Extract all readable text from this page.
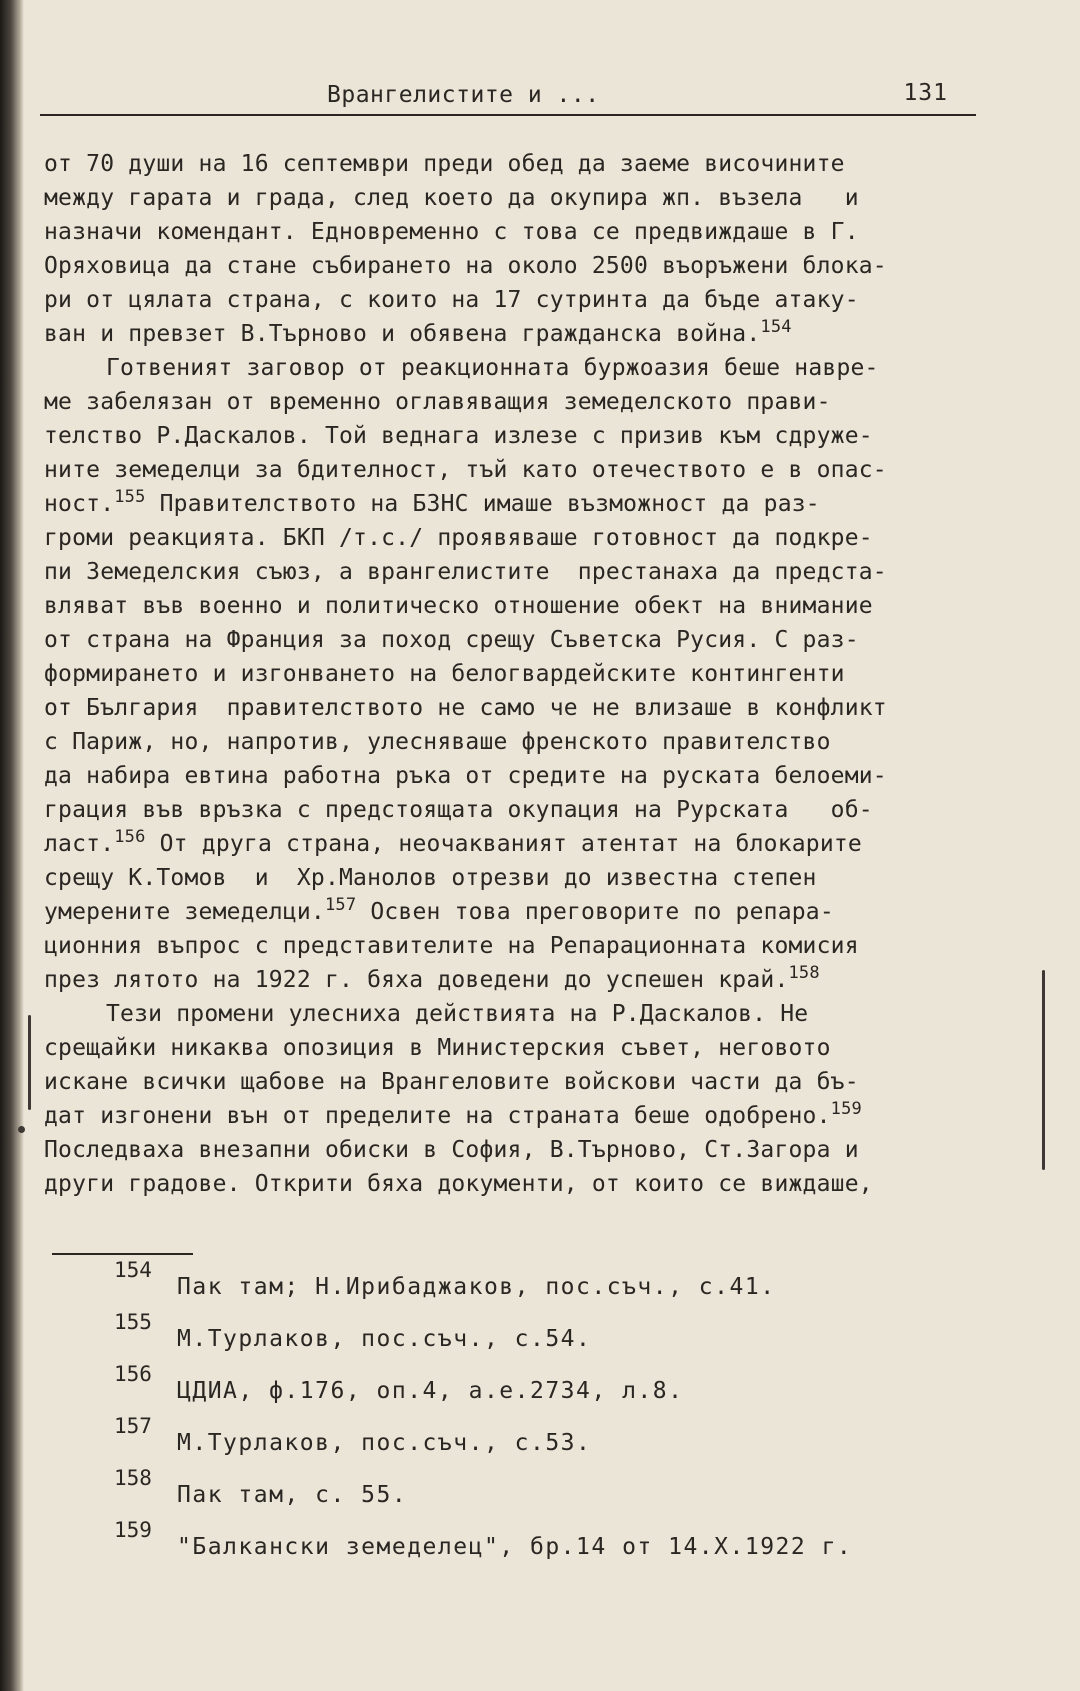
Врангелистите и ...	131
от 70 души на 16 септември преди обед да заеме височините
между гарата и града, след което да окупира жп. възела   и
назначи комендант. Едновременно с това се предвиждаше в Г.
Оряховица да стане събирането на около 2500 въоръжени блока-
ри от цялата страна, с които на 17 сутринта да бъде атаку-
ван и превзет В.Търново и обявена гражданска война.$^{154}$
Готвеният заговор от реакционната буржоазия беше навре-
ме забелязан от временно оглавяващия земеделското прави-
телство Р.Даскалов. Той веднага излезе с призив към сдруже-
ните земеделци за бдителност, тъй като отечеството е в опас-
ност.$^{155}$ Правителството на БЗНС имаше възможност да раз-
громи реакцията. БКП /т.с./ проявяваше готовност да подкре-
пи Земеделския съюз, а врангелистите  престанаха да предста-
вляват във военно и политическо отношение обект на внимание
от страна на Франция за поход срещу Съветска Русия. С раз-
формирането и изгонването на белогвардейските контингенти
от България  правителството не само че не влизаше в конфликт
с Париж, но, напротив, улесняваше френското правителство
да набира евтина работна ръка от средите на руската белоеми-
грация във връзка с предстоящата окупация на Рурската   об-
ласт.$^{156}$ От друга страна, неочакваният атентат на блокарите
срещу К.Томов  и  Хр.Манолов отрезви до известна степен
умерените земеделци.$^{157}$ Освен това преговорите по репара-
ционния въпрос с представителите на Репарационната комисия
през лятото на 1922 г. бяха доведени до успешен край.$^{158}$
Тези промени улесниха действията на Р.Даскалов. Не
срещайки никаква опозиция в Министерския съвет, неговото
искане всички щабове на Врангеловите войскови части да бъ-
дат изгонени вън от пределите на страната беше одобрено.$^{159}$
Последваха внезапни обиски в София, В.Търново, Ст.Загора и
други градове. Открити бяха документи, от които се виждаше,
154
Пак там; Н.Ирибаджаков, пос.съч., с.41.
155
М.Турлаков, пос.съч., с.54.
156
ЦДИА, ф.176, оп.4, а.е.2734, л.8.
157
М.Турлаков, пос.съч., с.53.
158
Пак там, с. 55.
159
"Балкански земеделец", бр.14 от 14.Х.1922 г.
